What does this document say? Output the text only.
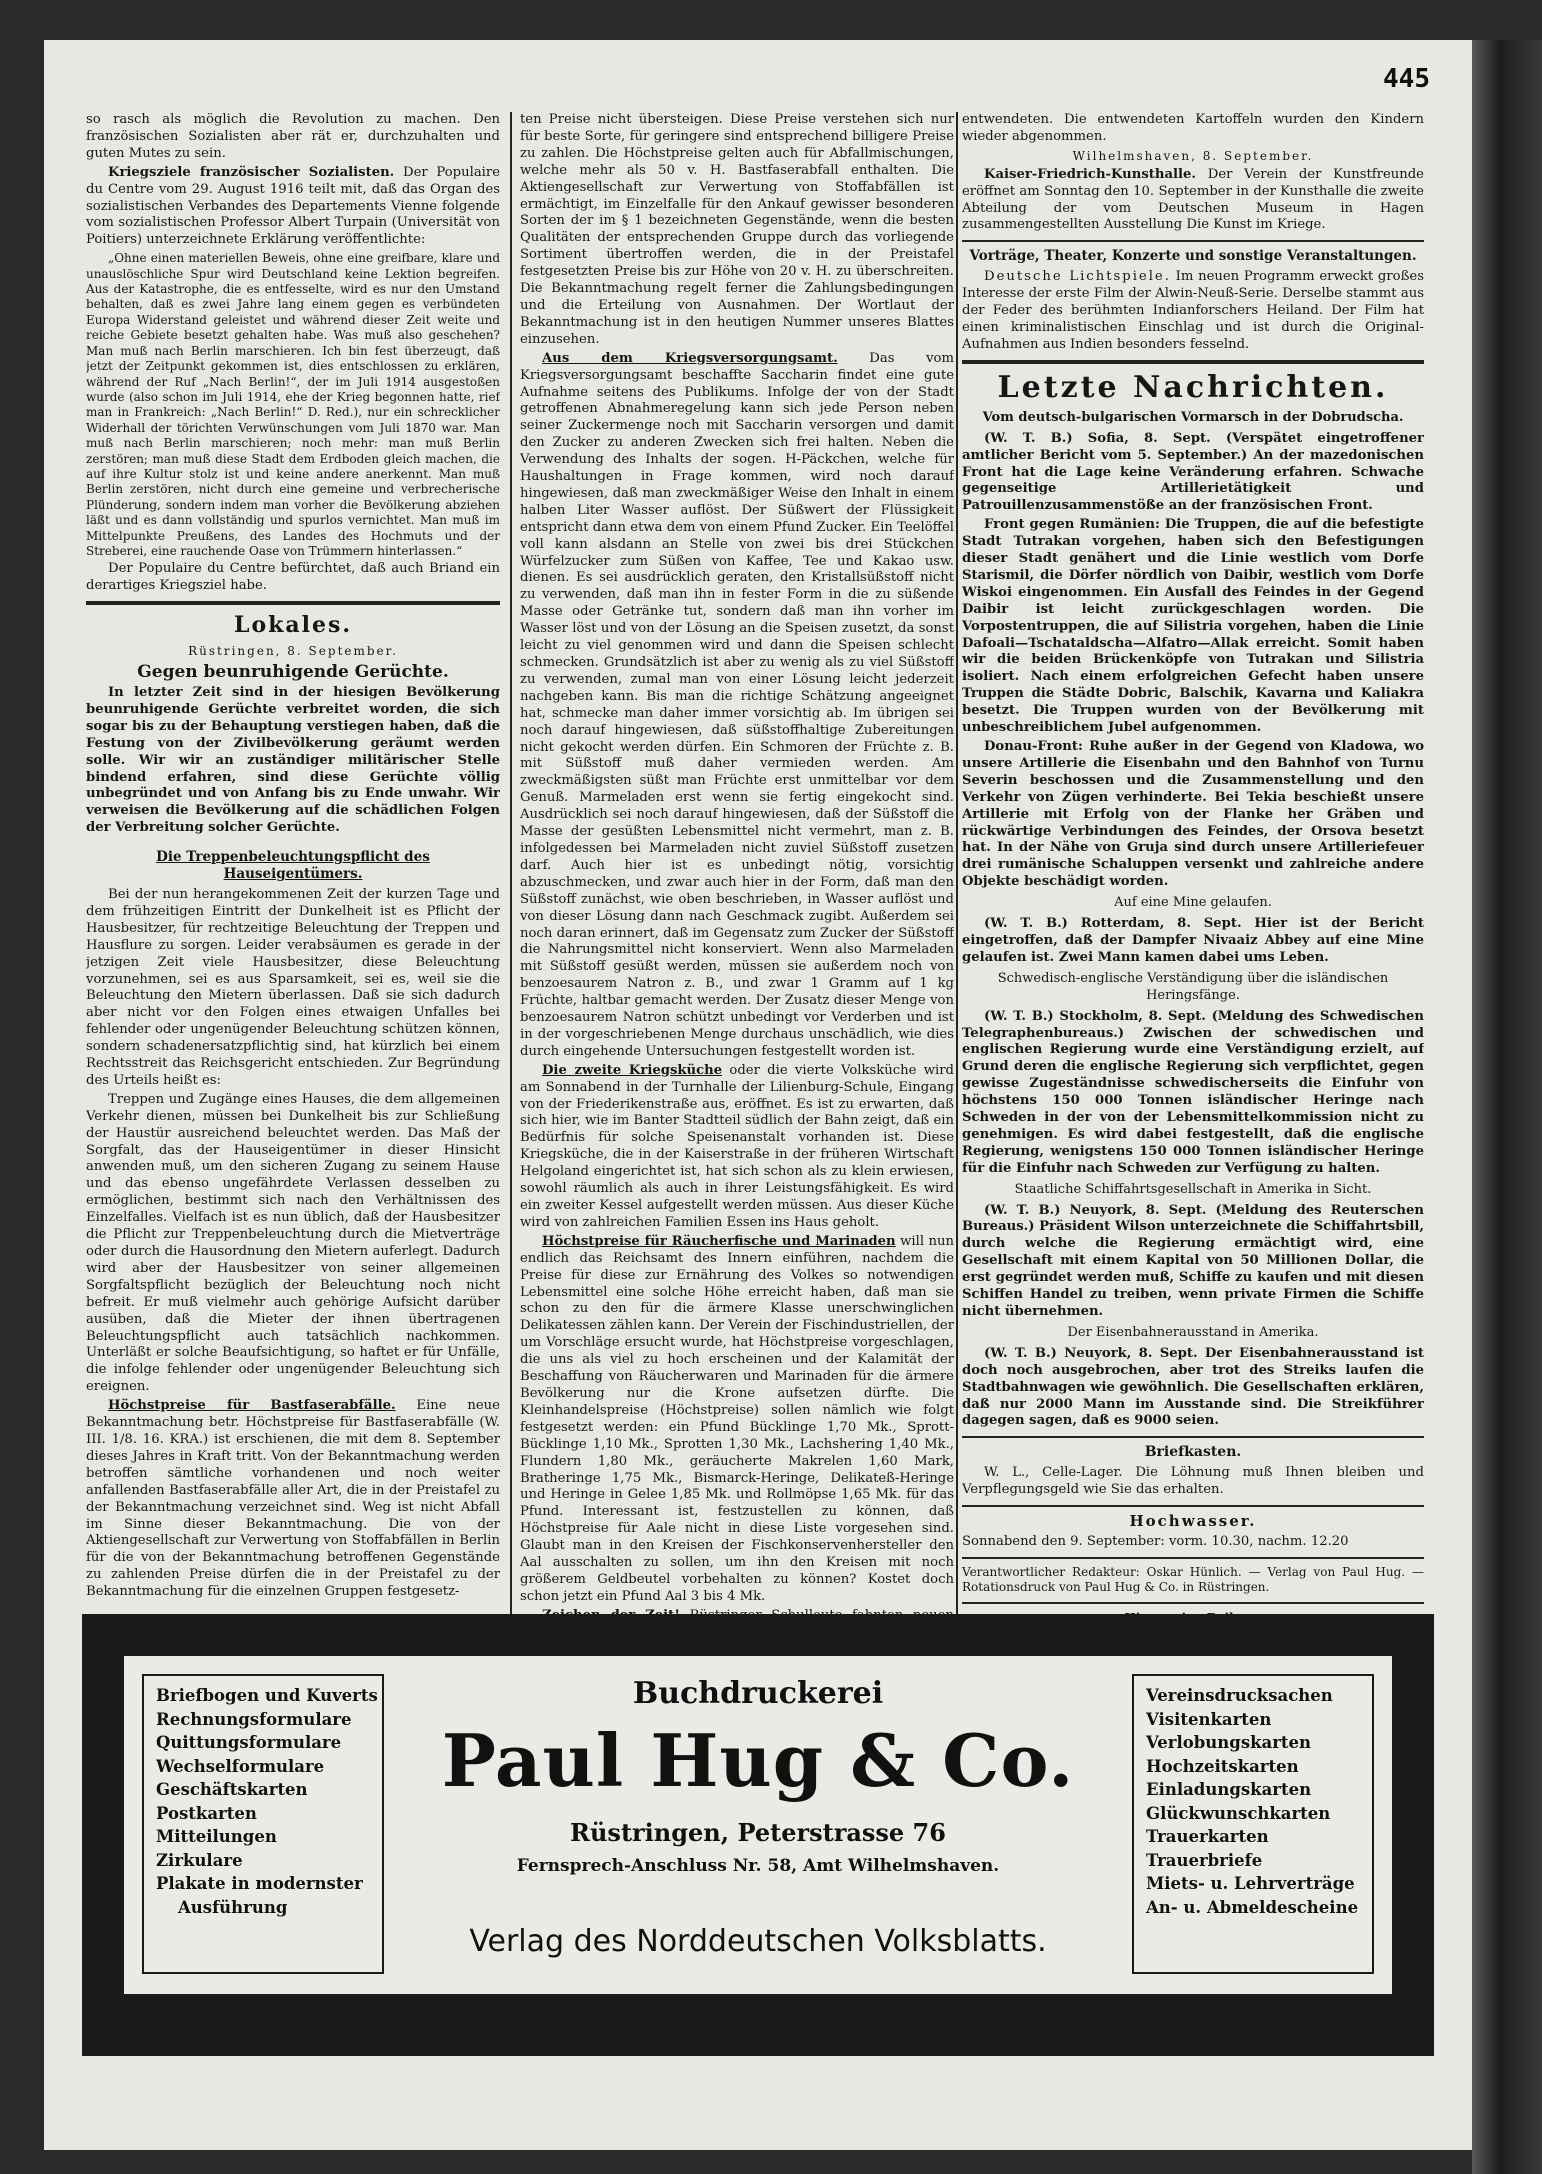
445

so rasch als möglich die Revolution zu machen. Den französischen Sozialisten aber rät er, durchzuhalten und guten Mutes zu sein.

Kriegsziele französischer Sozialisten. Der Populaire du Centre vom 29. August 1916 teilt mit, daß das Organ des sozialistischen Verbandes des Departements Vienne folgende vom sozialistischen Professor Albert Turpain (Universität von Poitiers) unterzeichnete Erklärung veröffentlichte:

„Ohne einen materiellen Beweis, ohne eine greifbare, klare und unauslöschliche Spur wird Deutschland keine Lektion begreifen. Aus der Katastrophe, die es entfesselte, wird es nur den Umstand behalten, daß es zwei Jahre lang einem gegen es verbündeten Europa Widerstand geleistet und während dieser Zeit weite und reiche Gebiete besetzt gehalten habe. Was muß also geschehen? Man muß nach Berlin marschieren. Ich bin fest überzeugt, daß jetzt der Zeitpunkt gekommen ist, dies entschlossen zu erklären, während der Ruf „Nach Berlin!“, der im Juli 1914 ausgestoßen wurde (also schon im Juli 1914, ehe der Krieg begonnen hatte, rief man in Frankreich: „Nach Berlin!“ D. Red.), nur ein schrecklicher Widerhall der törichten Verwünschungen vom Juli 1870 war. Man muß nach Berlin marschieren; noch mehr: man muß Berlin zerstören; man muß diese Stadt dem Erdboden gleich machen, die auf ihre Kultur stolz ist und keine andere anerkennt. Man muß Berlin zerstören, nicht durch eine gemeine und verbrecherische Plünderung, sondern indem man vorher die Bevölkerung abziehen läßt und es dann vollständig und spurlos vernichtet. Man muß im Mittelpunkte Preußens, des Landes des Hochmuts und der Streberei, eine rauchende Oase von Trümmern hinterlassen.“

Der Populaire du Centre befürchtet, daß auch Briand ein derartiges Kriegsziel habe.

Lokales.

Rüstringen, 8. September.

Gegen beunruhigende Gerüchte.

In letzter Zeit sind in der hiesigen Bevölkerung beunruhigende Gerüchte verbreitet worden, die sich sogar bis zu der Behauptung verstiegen haben, daß die Festung von der Zivilbevölkerung geräumt werden solle. Wir wir an zuständiger militärischer Stelle bindend erfahren, sind diese Gerüchte völlig unbegründet und von Anfang bis zu Ende unwahr. Wir verweisen die Bevölkerung auf die schädlichen Folgen der Verbreitung solcher Gerüchte.

Die Treppenbeleuchtungspflicht des Hauseigentümers.

Bei der nun herangekommenen Zeit der kurzen Tage und dem frühzeitigen Eintritt der Dunkelheit ist es Pflicht der Hausbesitzer, für rechtzeitige Beleuchtung der Treppen und Hausflure zu sorgen. Leider verabsäumen es gerade in der jetzigen Zeit viele Hausbesitzer, diese Beleuchtung vorzunehmen, sei es aus Sparsamkeit, sei es, weil sie die Beleuchtung den Mietern überlassen. Daß sie sich dadurch aber nicht vor den Folgen eines etwaigen Unfalles bei fehlender oder ungenügender Beleuchtung schützen können, sondern schadenersatzpflichtig sind, hat kürzlich bei einem Rechtsstreit das Reichsgericht entschieden. Zur Begründung des Urteils heißt es:

Treppen und Zugänge eines Hauses, die dem allgemeinen Verkehr dienen, müssen bei Dunkelheit bis zur Schließung der Haustür ausreichend beleuchtet werden. Das Maß der Sorgfalt, das der Hauseigentümer in dieser Hinsicht anwenden muß, um den sicheren Zugang zu seinem Hause und das ebenso ungefährdete Verlassen desselben zu ermöglichen, bestimmt sich nach den Verhältnissen des Einzelfalles. Vielfach ist es nun üblich, daß der Hausbesitzer die Pflicht zur Treppenbeleuchtung durch die Mietverträge oder durch die Hausordnung den Mietern auferlegt. Dadurch wird aber der Hausbesitzer von seiner allgemeinen Sorgfaltspflicht bezüglich der Beleuchtung noch nicht befreit. Er muß vielmehr auch gehörige Aufsicht darüber ausüben, daß die Mieter der ihnen übertragenen Beleuchtungspflicht auch tatsächlich nachkommen. Unterläßt er solche Beaufsichtigung, so haftet er für Unfälle, die infolge fehlender oder ungenügender Beleuchtung sich ereignen.

Höchstpreise für Bastfaserabfälle. Eine neue Bekanntmachung betr. Höchstpreise für Bastfaserabfälle (W. III. 1/8. 16. KRA.) ist erschienen, die mit dem 8. September dieses Jahres in Kraft tritt. Von der Bekanntmachung werden betroffen sämtliche vorhandenen und noch weiter anfallenden Bastfaserabfälle aller Art, die in der Preistafel zu der Bekanntmachung verzeichnet sind. Weg ist nicht Abfall im Sinne dieser Bekanntmachung. Die von der Aktiengesellschaft zur Verwertung von Stoffabfällen in Berlin für die von der Bekanntmachung betroffenen Gegenstände zu zahlenden Preise dürfen die in der Preistafel zu der Bekanntmachung für die einzelnen Gruppen festgesetz-

ten Preise nicht übersteigen. Diese Preise verstehen sich nur für beste Sorte, für geringere sind entsprechend billigere Preise zu zahlen. Die Höchstpreise gelten auch für Abfallmischungen, welche mehr als 50 v. H. Bastfaserabfall enthalten. Die Aktiengesellschaft zur Verwertung von Stoffabfällen ist ermächtigt, im Einzelfalle für den Ankauf gewisser besonderen Sorten der im § 1 bezeichneten Gegenstände, wenn die besten Qualitäten der entsprechenden Gruppe durch das vorliegende Sortiment übertroffen werden, die in der Preistafel festgesetzten Preise bis zur Höhe von 20 v. H. zu überschreiten. Die Bekanntmachung regelt ferner die Zahlungsbedingungen und die Erteilung von Ausnahmen. Der Wortlaut der Bekanntmachung ist in den heutigen Nummer unseres Blattes einzusehen.

Aus dem Kriegsversorgungsamt. Das vom Kriegsversorgungsamt beschaffte Saccharin findet eine gute Aufnahme seitens des Publikums. Infolge der von der Stadt getroffenen Abnahmeregelung kann sich jede Person neben seiner Zuckermenge noch mit Saccharin versorgen und damit den Zucker zu anderen Zwecken sich frei halten. Neben die Verwendung des Inhalts der sogen. H-Päckchen, welche für Haushaltungen in Frage kommen, wird noch darauf hingewiesen, daß man zweckmäßiger Weise den Inhalt in einem halben Liter Wasser auflöst. Der Süßwert der Flüssigkeit entspricht dann etwa dem von einem Pfund Zucker. Ein Teelöffel voll kann alsdann an Stelle von zwei bis drei Stückchen Würfelzucker zum Süßen von Kaffee, Tee und Kakao usw. dienen. Es sei ausdrücklich geraten, den Kristallsüßstoff nicht zu verwenden, daß man ihn in fester Form in die zu süßende Masse oder Getränke tut, sondern daß man ihn vorher im Wasser löst und von der Lösung an die Speisen zusetzt, da sonst leicht zu viel genommen wird und dann die Speisen schlecht schmecken. Grundsätzlich ist aber zu wenig als zu viel Süßstoff zu verwenden, zumal man von einer Lösung leicht jederzeit nachgeben kann. Bis man die richtige Schätzung angeeignet hat, schmecke man daher immer vorsichtig ab. Im übrigen sei noch darauf hingewiesen, daß süßstoffhaltige Zubereitungen nicht gekocht werden dürfen. Ein Schmoren der Früchte z. B. mit Süßstoff muß daher vermieden werden. Am zweckmäßigsten süßt man Früchte erst unmittelbar vor dem Genuß. Marmeladen erst wenn sie fertig eingekocht sind. Ausdrücklich sei noch darauf hingewiesen, daß der Süßstoff die Masse der gesüßten Lebensmittel nicht vermehrt, man z. B. infolgedessen bei Marmeladen nicht zuviel Süßstoff zusetzen darf. Auch hier ist es unbedingt nötig, vorsichtig abzuschmecken, und zwar auch hier in der Form, daß man den Süßstoff zunächst, wie oben beschrieben, in Wasser auflöst und von dieser Lösung dann nach Geschmack zugibt. Außerdem sei noch daran erinnert, daß im Gegensatz zum Zucker der Süßstoff die Nahrungsmittel nicht konserviert. Wenn also Marmeladen mit Süßstoff gesüßt werden, müssen sie außerdem noch von benzoesaurem Natron z. B., und zwar 1 Gramm auf 1 kg Früchte, haltbar gemacht werden. Der Zusatz dieser Menge von benzoesaurem Natron schützt unbedingt vor Verderben und ist in der vorgeschriebenen Menge durchaus unschädlich, wie dies durch eingehende Untersuchungen festgestellt worden ist.

Die zweite Kriegsküche oder die vierte Volksküche wird am Sonnabend in der Turnhalle der Lilienburg-Schule, Eingang von der Friederikenstraße aus, eröffnet. Es ist zu erwarten, daß sich hier, wie im Banter Stadtteil südlich der Bahn zeigt, daß ein Bedürfnis für solche Speisenanstalt vorhanden ist. Diese Kriegsküche, die in der Kaiserstraße in der früheren Wirtschaft Helgoland eingerichtet ist, hat sich schon als zu klein erwiesen, sowohl räumlich als auch in ihrer Leistungsfähigkeit. Es wird ein zweiter Kessel aufgestellt werden müssen. Aus dieser Küche wird von zahlreichen Familien Essen ins Haus geholt.

Höchstpreise für Räucherfische und Marinaden will nun endlich das Reichsamt des Innern einführen, nachdem die Preise für diese zur Ernährung des Volkes so notwendigen Lebensmittel eine solche Höhe erreicht haben, daß man sie schon zu den für die ärmere Klasse unerschwinglichen Delikatessen zählen kann. Der Verein der Fischindustriellen, der um Vorschläge ersucht wurde, hat Höchstpreise vorgeschlagen, die uns als viel zu hoch erscheinen und der Kalamität der Beschaffung von Räucherwaren und Marinaden für die ärmere Bevölkerung nur die Krone aufsetzen dürfte. Die Kleinhandelspreise (Höchstpreise) sollen nämlich wie folgt festgesetzt werden: ein Pfund Bücklinge 1,70 Mk., Sprott-Bücklinge 1,10 Mk., Sprotten 1,30 Mk., Lachshering 1,40 Mk., Flundern 1,80 Mk., geräucherte Makrelen 1,60 Mark, Bratheringe 1,75 Mk., Bismarck-Heringe, Delikateß-Heringe und Heringe in Gelee 1,85 Mk. und Rollmöpse 1,65 Mk. für das Pfund. Interessant ist, festzustellen zu können, daß Höchstpreise für Aale nicht in diese Liste vorgesehen sind. Glaubt man in den Kreisen der Fischkonservenhersteller den Aal ausschalten zu sollen, um ihn den Kreisen mit noch größerem Geldbeutel vorbehalten zu können? Kostet doch schon jetzt ein Pfund Aal 3 bis 4 Mk.

entwendeten. Die entwendeten Kartoffeln wurden den Kindern wieder abgenommen.

Wilhelmshaven, 8. September.

Kaiser-Friedrich-Kunsthalle. Der Verein der Kunstfreunde eröffnet am Sonntag den 10. September in der Kunsthalle die zweite Abteilung der vom Deutschen Museum in Hagen zusammengestellten Ausstellung Die Kunst im Kriege.

Vorträge, Theater, Konzerte und sonstige Veranstaltungen.

Deutsche Lichtspiele. Im neuen Programm erweckt großes Interesse der erste Film der Alwin-Neuß-Serie. Derselbe stammt aus der Feder des berühmten Indianforschers Heiland. Der Film hat einen kriminalistischen Einschlag und ist durch die Original-Aufnahmen aus Indien besonders fesselnd.

Letzte Nachrichten.
Vom deutsch-bulgarischen Vormarsch in der Dobrudscha.

(W. T. B.) Sofia, 8. Sept. (Verspätet eingetroffener amtlicher Bericht vom 5. September.) An der mazedonischen Front hat die Lage keine Veränderung erfahren. Schwache gegenseitige Artillerietätigkeit und Patrouillenzusammenstöße an der französischen Front.

Front gegen Rumänien: Die Truppen, die auf die befestigte Stadt Tutrakan vorgehen, haben sich den Befestigungen dieser Stadt genähert und die Linie westlich vom Dorfe Starismil, die Dörfer nördlich von Daibir, westlich vom Dorfe Wiskoi eingenommen. Ein Ausfall des Feindes in der Gegend Daibir ist leicht zurückgeschlagen worden. Die Vorpostentruppen, die auf Silistria vorgehen, haben die Linie Dafoali—Tschataldscha—Alfatro—Allak erreicht. Somit haben wir die beiden Brückenköpfe von Tutrakan und Silistria isoliert. Nach einem erfolgreichen Gefecht haben unsere Truppen die Städte Dobric, Balschik, Kavarna und Kaliakra besetzt. Die Truppen wurden von der Bevölkerung mit unbeschreiblichem Jubel aufgenommen.

Donau-Front: Ruhe außer in der Gegend von Kladowa, wo unsere Artillerie die Eisenbahn und den Bahnhof von Turnu Severin beschossen und die Zusammenstellung und den Verkehr von Zügen verhinderte. Bei Tekia beschießt unsere Artillerie mit Erfolg von der Flanke her Gräben und rückwärtige Verbindungen des Feindes, der Orsova besetzt hat. In der Nähe von Gruja sind durch unsere Artilleriefeuer drei rumänische Schaluppen versenkt und zahlreiche andere Objekte beschädigt worden.

Auf eine Mine gelaufen.

(W. T. B.) Rotterdam, 8. Sept. Hier ist der Bericht eingetroffen, daß der Dampfer Nivaaiz Abbey auf eine Mine gelaufen ist. Zwei Mann kamen dabei ums Leben.

Schwedisch-englische Verständigung über die isländischen Heringsfänge.

(W. T. B.) Stockholm, 8. Sept. (Meldung des Schwedischen Telegraphenbureaus.) Zwischen der schwedischen und englischen Regierung wurde eine Verständigung erzielt, auf Grund deren die englische Regierung sich verpflichtet, gegen gewisse Zugeständnisse schwedischerseits die Einfuhr von höchstens 150 000 Tonnen isländischer Heringe nach Schweden in der von der Lebensmittelkommission nicht zu genehmigen. Es wird dabei festgestellt, daß die englische Regierung, wenigstens 150 000 Tonnen isländischer Heringe für die Einfuhr nach Schweden zur Verfügung zu halten.

Staatliche Schiffahrtsgesellschaft in Amerika in Sicht.

(W. T. B.) Neuyork, 8. Sept. (Meldung des Reuterschen Bureaus.) Präsident Wilson unterzeichnete die Schiffahrtsbill, durch welche die Regierung ermächtigt wird, eine Gesellschaft mit einem Kapital von 50 Millionen Dollar, die erst gegründet werden muß, Schiffe zu kaufen und mit diesen Schiffen Handel zu treiben, wenn private Firmen die Schiffe nicht übernehmen.

Der Eisenbahnerausstand in Amerika.

(W. T. B.) Neuyork, 8. Sept. Der Eisenbahnerausstand ist doch noch ausgebrochen, aber trot des Streiks laufen die Stadtbahnwagen wie gewöhnlich. Die Gesellschaften erklären, daß nur 2000 Mann im Ausstande sind. Die Streikführer dagegen sagen, daß es 9000 seien.

Briefkasten.

W. L., Celle-Lager. Die Löhnung muß Ihnen bleiben und Verpflegungsgeld wie Sie das erhalten.

Hochwasser.

Sonnabend den 9. September: vorm. 10.30, nachm. 12.20

Verantwortlicher Redakteur: Oskar Hünlich. — Verlag von Paul Hug. — Rotationsdruck von Paul Hug & Co. in Rüstringen.

Briefbogen und Kuverts
Rechnungsformulare
Quittungsformulare
Wechselformulare
Geschäftskarten
Postkarten
Mitteilungen
Zirkulare
Plakate in modernster
Ausführung
Buchdruckerei
Paul Hug & Co.
Rüstringen, Peterstrasse 76
Fernsprech-Anschluss Nr. 58, Amt Wilhelmshaven.
Verlag des Norddeutschen Volksblatts.
Vereinsdrucksachen
Visitenkarten
Verlobungskarten
Hochzeitskarten
Einladungskarten
Glückwunschkarten
Trauerkarten
Trauerbriefe
Miets- u. Lehrverträge
An- u. Abmeldescheine
